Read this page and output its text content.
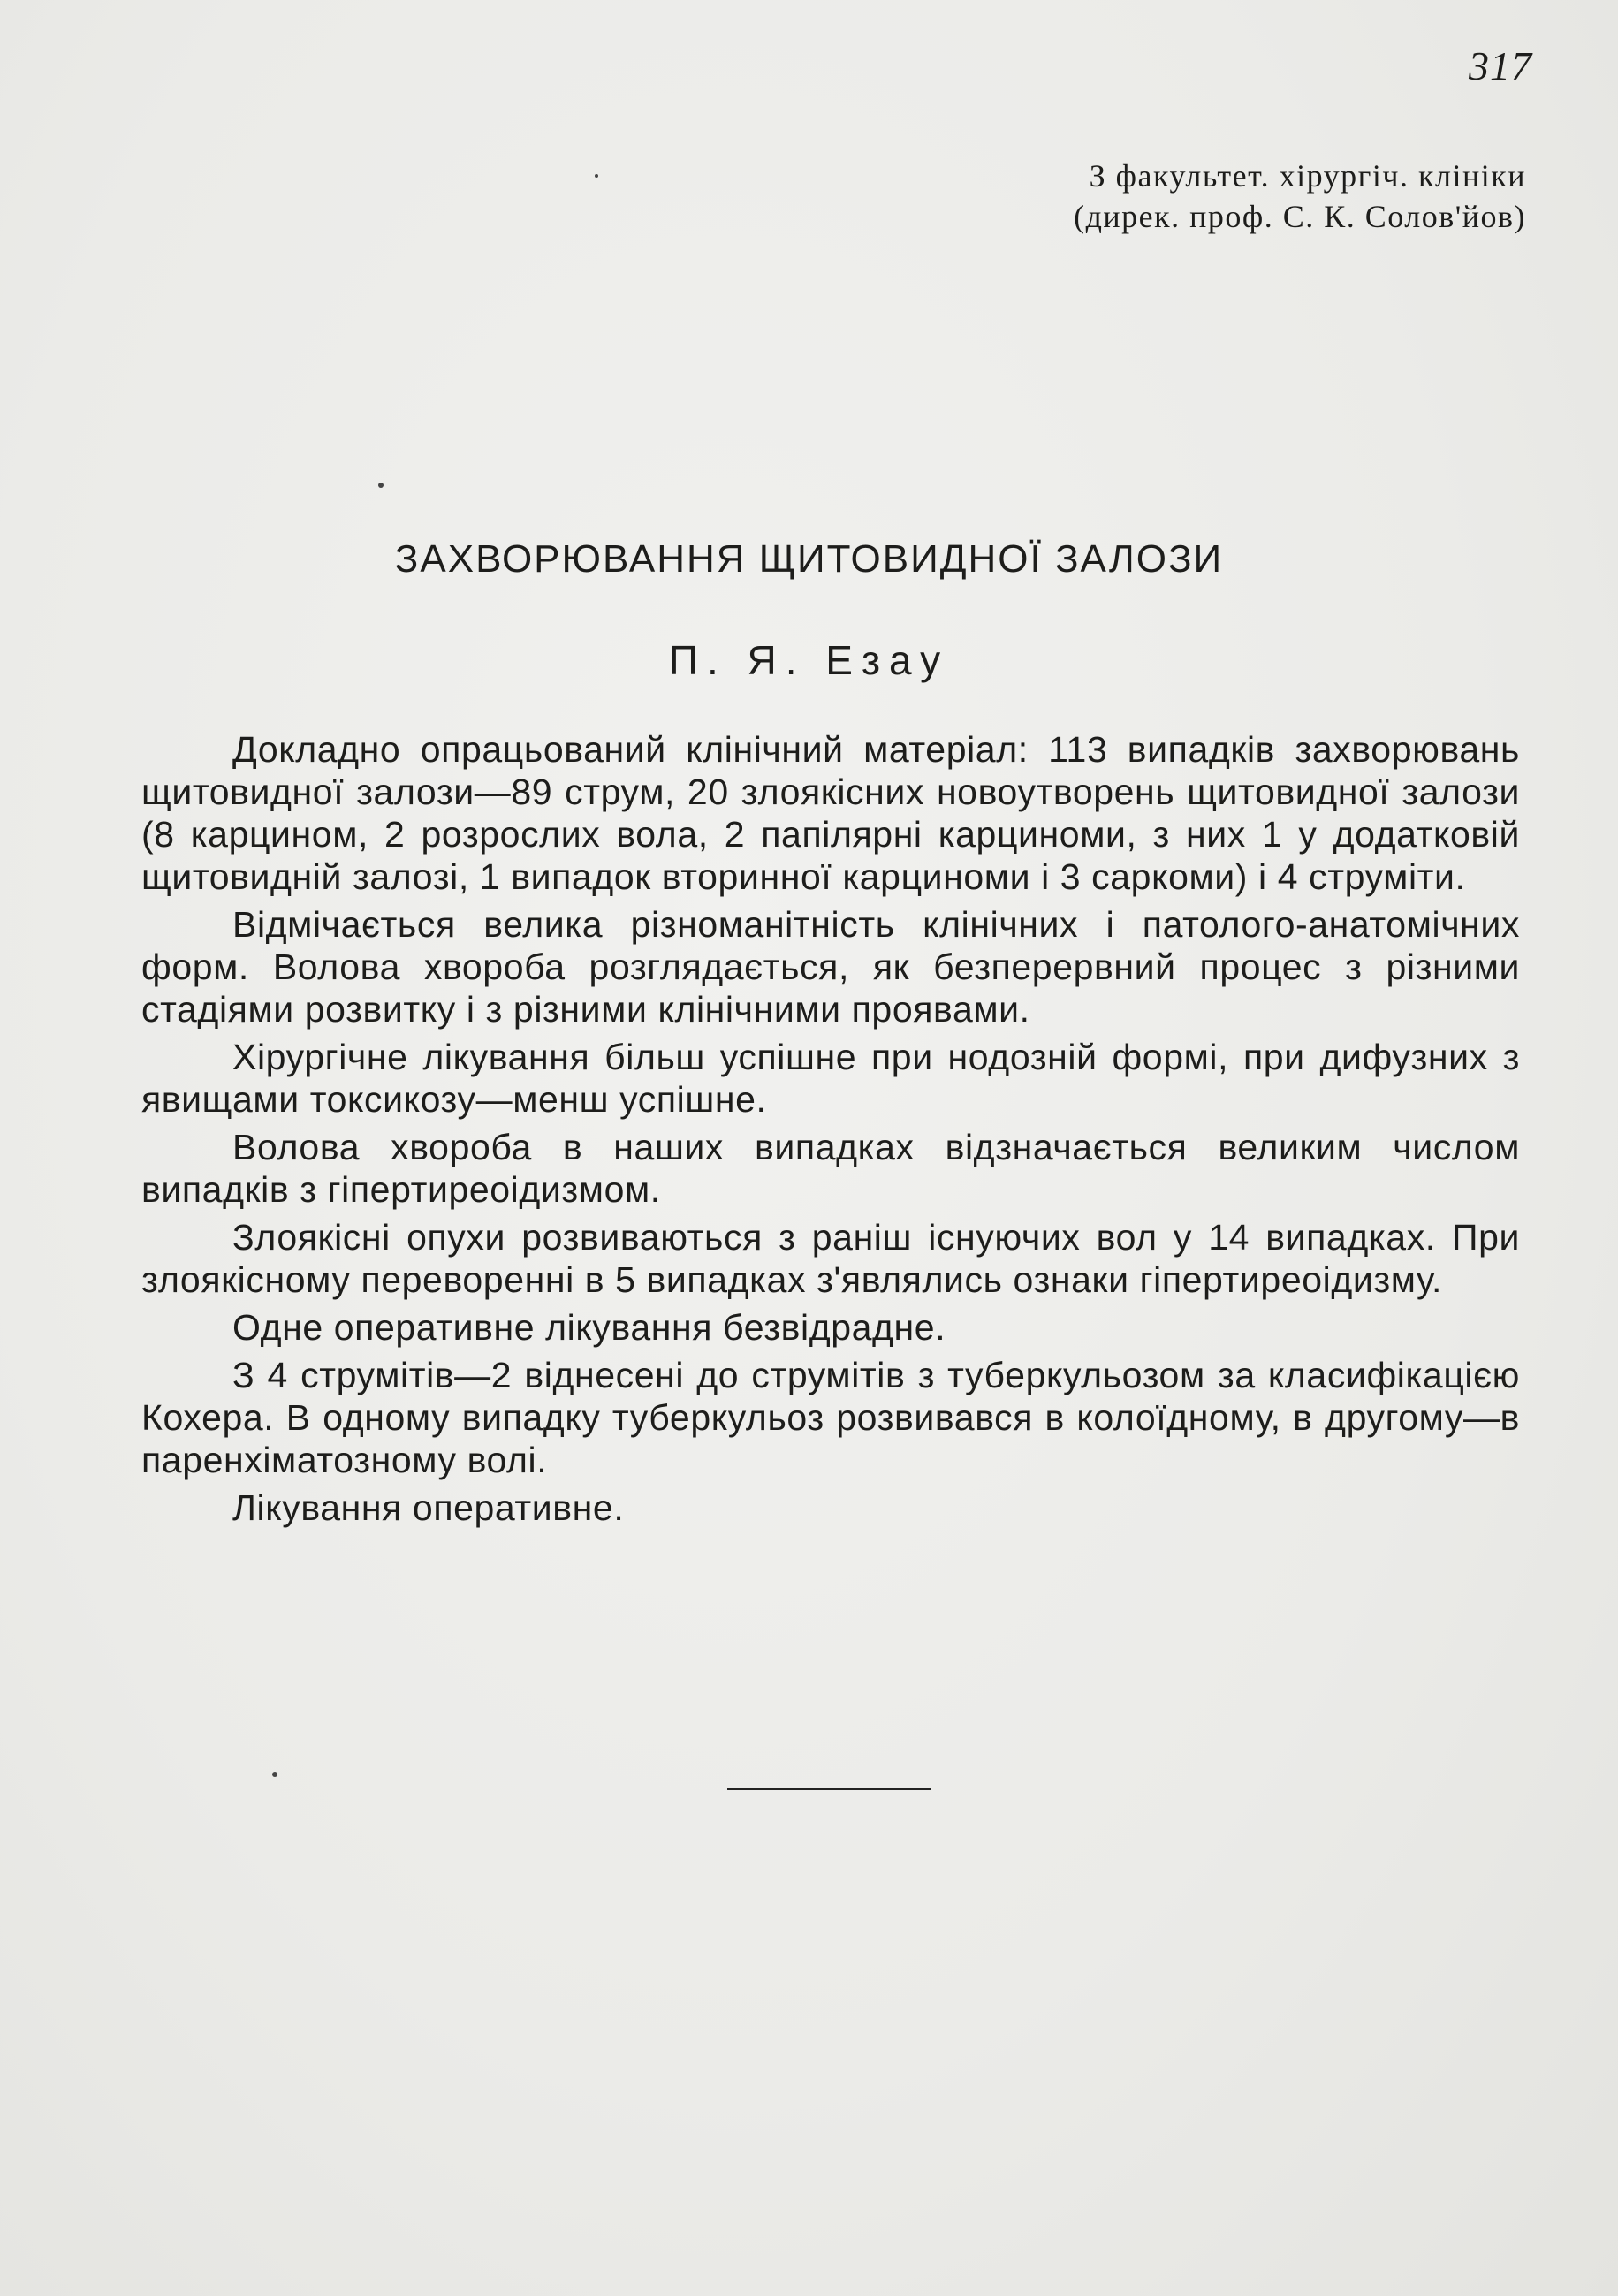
317
З факультет. хірургіч. клініки
(дирек. проф. С. К. Солов'йов)
ЗАХВОРЮВАННЯ ЩИТОВИДНОЇ ЗАЛОЗИ
П. Я. Езау

Докладно опрацьований клінічний матеріал: 113 випадків захворювань щитовидної залози—89 струм, 20 злоякісних новоутворень щитовидної залози (8 карцином, 2 розрослих вола, 2 папілярні карциноми, з них 1 у додатковій щитовидній залозі, 1 випадок вторинної карциноми і 3 саркоми) і 4 струміти.

Відмічається велика різноманітність клінічних і патолого-анатомічних форм. Волова хвороба розглядається, як безперервний процес з різними стадіями розвитку і з різними клінічними проявами.

Хірургічне лікування більш успішне при нодозній формі, при дифузних з явищами токсикозу—менш успішне.

Волова хвороба в наших випадках відзначається великим числом випадків з гіпертиреоідизмом.

Злоякісні опухи розвиваються з раніш існуючих вол у 14 випадках. При злоякісному переворенні в 5 випадках з'являлись ознаки гіпертиреоідизму.

Одне оперативне лікування безвідрадне.

З 4 струмітів—2 віднесені до струмітів з туберкульозом за класифікацією Кохера. В одному випадку туберкульоз розвивався в колоїдному, в другому—в паренхіматозному волі.

Лікування оперативне.
